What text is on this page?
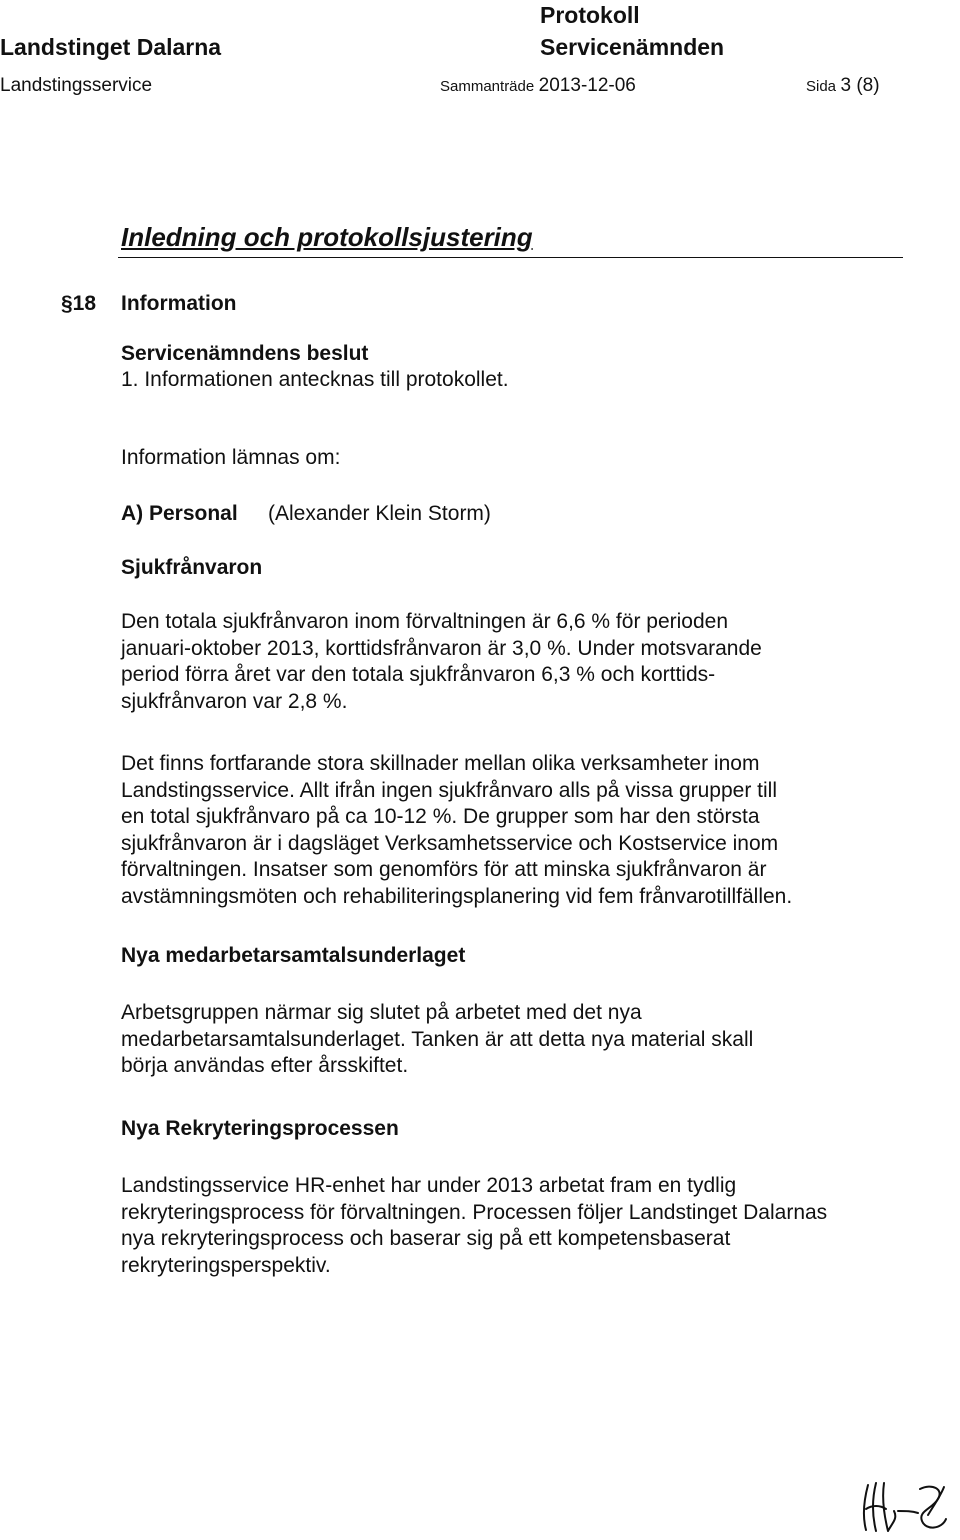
Protokoll
Landstinget Dalarna	Servicenämnden
Landstingsservice	Sammanträde 2013-12-06	Sida 3 (8)
Inledning och protokollsjustering
§18 Information
Servicenämndens beslut
1. Informationen antecknas till protokollet.
Information lämnas om:
A) Personal (Alexander Klein Storm)
Sjukfrånvaron
Den totala sjukfrånvaron inom förvaltningen är 6,6 % för perioden
januari-oktober 2013, korttidsfrånvaron är 3,0 %. Under motsvarande
period förra året var den totala sjukfrånvaron 6,3 % och korttids-
sjukfrånvaron var 2,8 %.
Det finns fortfarande stora skillnader mellan olika verksamheter inom
Landstingsservice. Allt ifrån ingen sjukfrånvaro alls på vissa grupper till
en total sjukfrånvaro på ca 10-12 %. De grupper som har den största
sjukfrånvaron är i dagsläget Verksamhetsservice och Kostservice inom
förvaltningen. Insatser som genomförs för att minska sjukfrånvaron är
avstämningsmöten och rehabiliteringsplanering vid fem frånvarotillfällen.
Nya medarbetarsamtalsunderlaget
Arbetsgruppen närmar sig slutet på arbetet med det nya
medarbetarsamtalsunderlaget. Tanken är att detta nya material skall
börja användas efter årsskiftet.
Nya Rekryteringsprocessen
Landstingsservice HR-enhet har under 2013 arbetat fram en tydlig
rekryteringsprocess för förvaltningen. Processen följer Landstinget Dalarnas
nya rekryteringsprocess och baserar sig på ett kompetensbaserat
rekryteringsperspektiv.
